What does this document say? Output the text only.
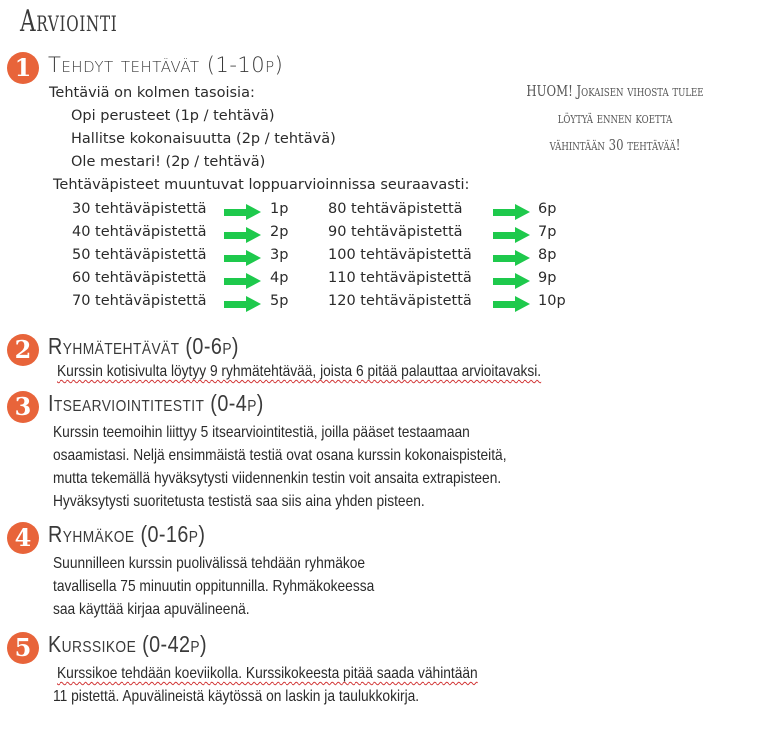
Arviointi
HUOM! Jokaisen vihosta tulee
löytyä ennen koetta
vähintään 30 tehtävää!
1 Tehdyt tehtävät (1-10p)
Tehtäviä on kolmen tasoisia:
Opi perusteet (1p / tehtävä)
Hallitse kokonaisuutta (2p / tehtävä)
Ole mestari! (2p / tehtävä)
Tehtäväpisteet muuntuvat loppuarvioinnissa seuraavasti:
30 tehtäväpistettä	1p
40 tehtäväpistettä	2p
50 tehtäväpistettä	3p
60 tehtäväpistettä	4p
70 tehtäväpistettä	5p
80 tehtäväpistettä	6p
90 tehtäväpistettä	7p
100 tehtäväpistettä	8p
110 tehtäväpistettä	9p
120 tehtäväpistettä	10p
2 Ryhmätehtävät (0-6p)
Kurssin kotisivulta löytyy 9 ryhmätehtävää, joista 6 pitää palauttaa arvioitavaksi.
3 Itsearviointitestit (0-4p)
Kurssin teemoihin liittyy 5 itsearviointitestiä, joilla pääset testaamaan
osaamistasi. Neljä ensimmäistä testiä ovat osana kurssin kokonaispisteitä,
mutta tekemällä hyväksytysti viidennenkin testin voit ansaita extrapisteen.
Hyväksytysti suoritetusta testistä saa siis aina yhden pisteen.
4 Ryhmäkoe (0-16p)
Suunnilleen kurssin puolivälissä tehdään ryhmäkoe
tavallisella 75 minuutin oppitunnilla. Ryhmäkokeessa
saa käyttää kirjaa apuvälineenä.
5 Kurssikoe (0-42p)
Kurssikoe tehdään koeviikolla. Kurssikokeesta pitää saada vähintään
11 pistettä. Apuvälineistä käytössä on laskin ja taulukkokirja.
